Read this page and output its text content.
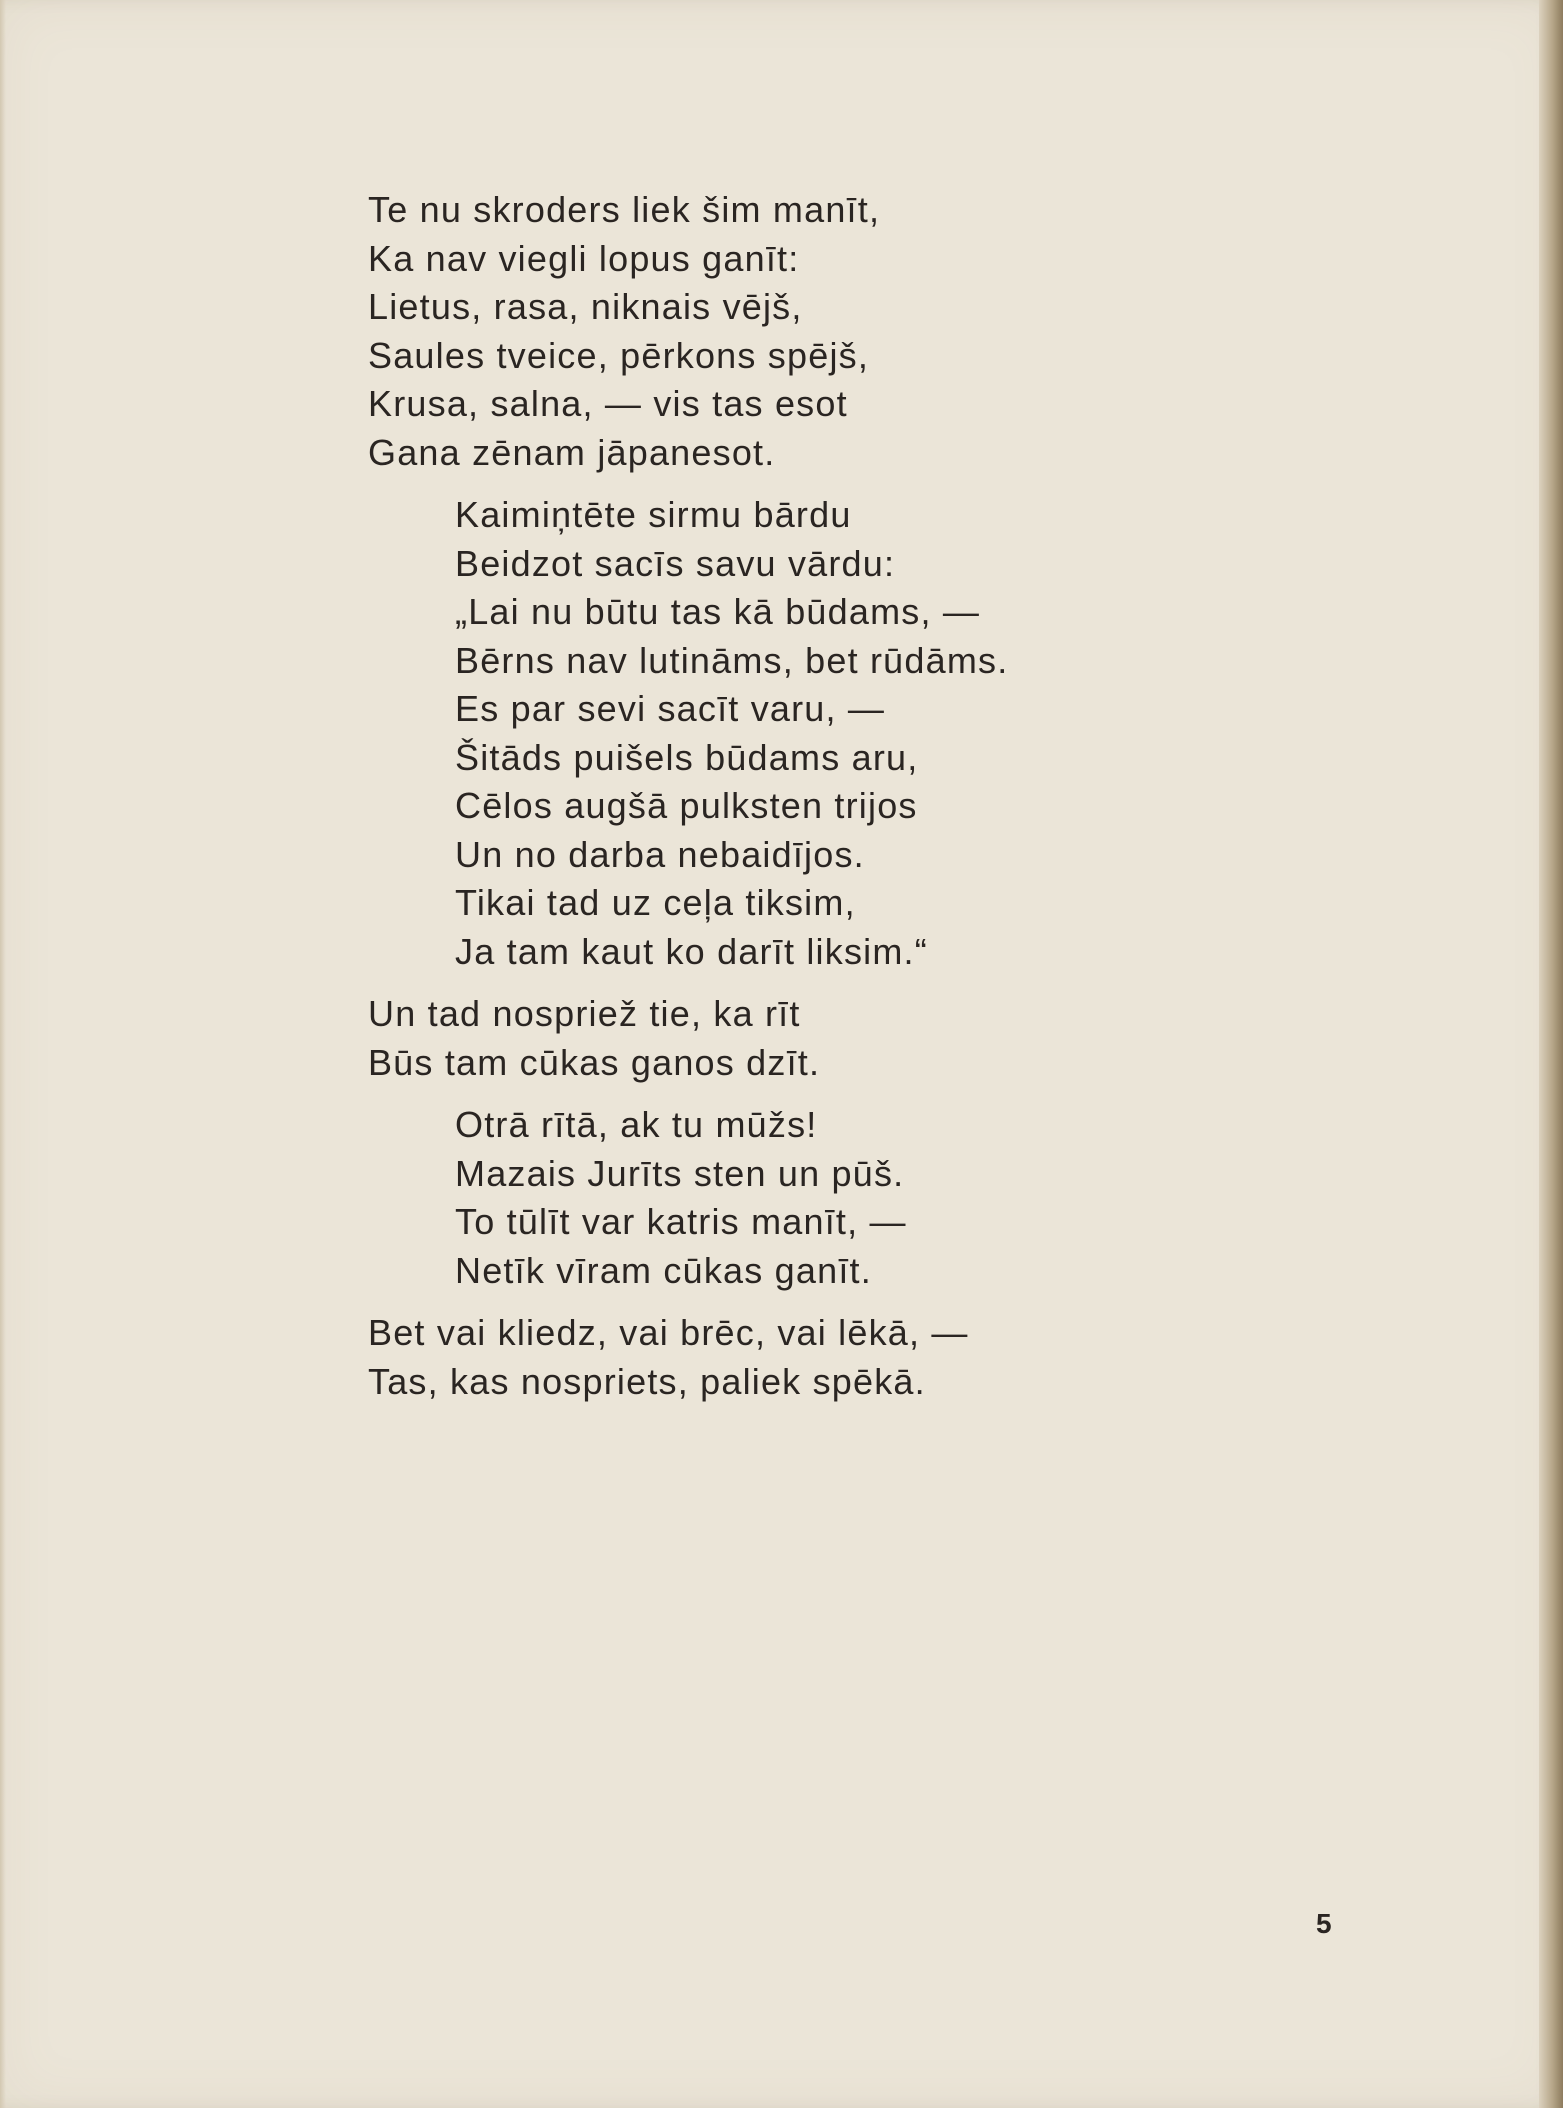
Te nu skroders liek šim manīt,
Ka nav viegli lopus ganīt:
Lietus, rasa, niknais vējš,
Saules tveice, pērkons spējš,
Krusa, salna, — vis tas esot
Gana zēnam jāpanesot.
Kaimiņtēte sirmu bārdu
Beidzot sacīs savu vārdu:
„Lai nu būtu tas kā būdams, —
Bērns nav lutināms, bet rūdāms.
Es par sevi sacīt varu, —
Šitāds puišels būdams aru,
Cēlos augšā pulksten trijos
Un no darba nebaidījos.
Tikai tad uz ceļa tiksim,
Ja tam kaut ko darīt liksim.“
Un tad nospriež tie, ka rīt
Būs tam cūkas ganos dzīt.
Otrā rītā, ak tu mūžs!
Mazais Jurīts sten un pūš.
To tūlīt var katris manīt, —
Netīk vīram cūkas ganīt.
Bet vai kliedz, vai brēc, vai lēkā, —
Tas, kas nospriets, paliek spēkā.
5
